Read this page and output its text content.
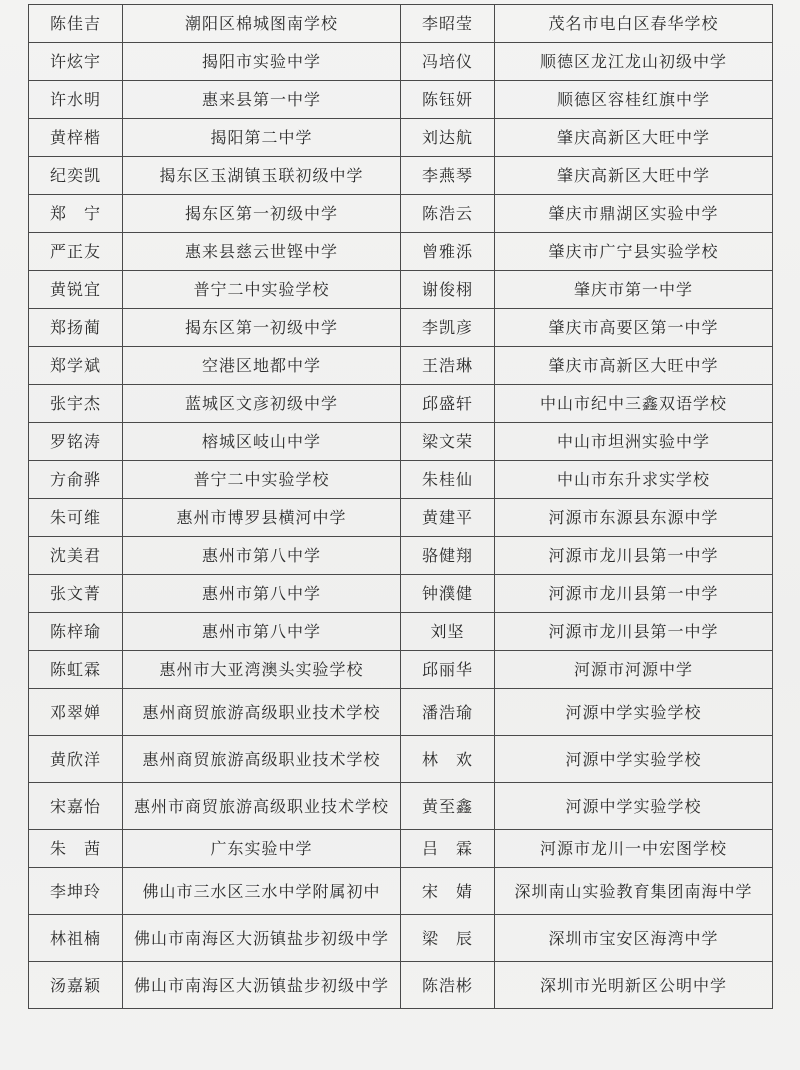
陈佳吉	潮阳区棉城图南学校	李昭莹	茂名市电白区春华学校
许炫宇	揭阳市实验中学	冯培仪	顺德区龙江龙山初级中学
许水明	惠来县第一中学	陈钰妍	顺德区容桂红旗中学
黄梓楷	揭阳第二中学	刘达航	肇庆高新区大旺中学
纪奕凯	揭东区玉湖镇玉联初级中学	李燕琴	肇庆高新区大旺中学
郑　宁	揭东区第一初级中学	陈浩云	肇庆市鼎湖区实验中学
严正友	惠来县慈云世铿中学	曾雅泺	肇庆市广宁县实验学校
黄锐宜	普宁二中实验学校	谢俊栩	肇庆市第一中学
郑扬蔺	揭东区第一初级中学	李凯彦	肇庆市高要区第一中学
郑学斌	空港区地都中学	王浩琳	肇庆市高新区大旺中学
张宇杰	蓝城区文彦初级中学	邱盛轩	中山市纪中三鑫双语学校
罗铭涛	榕城区岐山中学	梁文荣	中山市坦洲实验中学
方俞骅	普宁二中实验学校	朱桂仙	中山市东升求实学校
朱可维	惠州市博罗县横河中学	黄建平	河源市东源县东源中学
沈美君	惠州市第八中学	骆健翔	河源市龙川县第一中学
张文菁	惠州市第八中学	钟濮健	河源市龙川县第一中学
陈梓瑜	惠州市第八中学	刘坚	河源市龙川县第一中学
陈虹霖	惠州市大亚湾澳头实验学校	邱丽华	河源市河源中学
邓翠婵	惠州商贸旅游高级职业技术学校	潘浩瑜	河源中学实验学校
黄欣洋	惠州商贸旅游高级职业技术学校	林　欢	河源中学实验学校
宋嘉怡	惠州市商贸旅游高级职业技术学校	黄至鑫	河源中学实验学校
朱　茜	广东实验中学	吕　霖	河源市龙川一中宏图学校
李坤玲	佛山市三水区三水中学附属初中	宋　婧	深圳南山实验教育集团南海中学
林祖楠	佛山市南海区大沥镇盐步初级中学	梁　辰	深圳市宝安区海湾中学
汤嘉颖	佛山市南海区大沥镇盐步初级中学	陈浩彬	深圳市光明新区公明中学
